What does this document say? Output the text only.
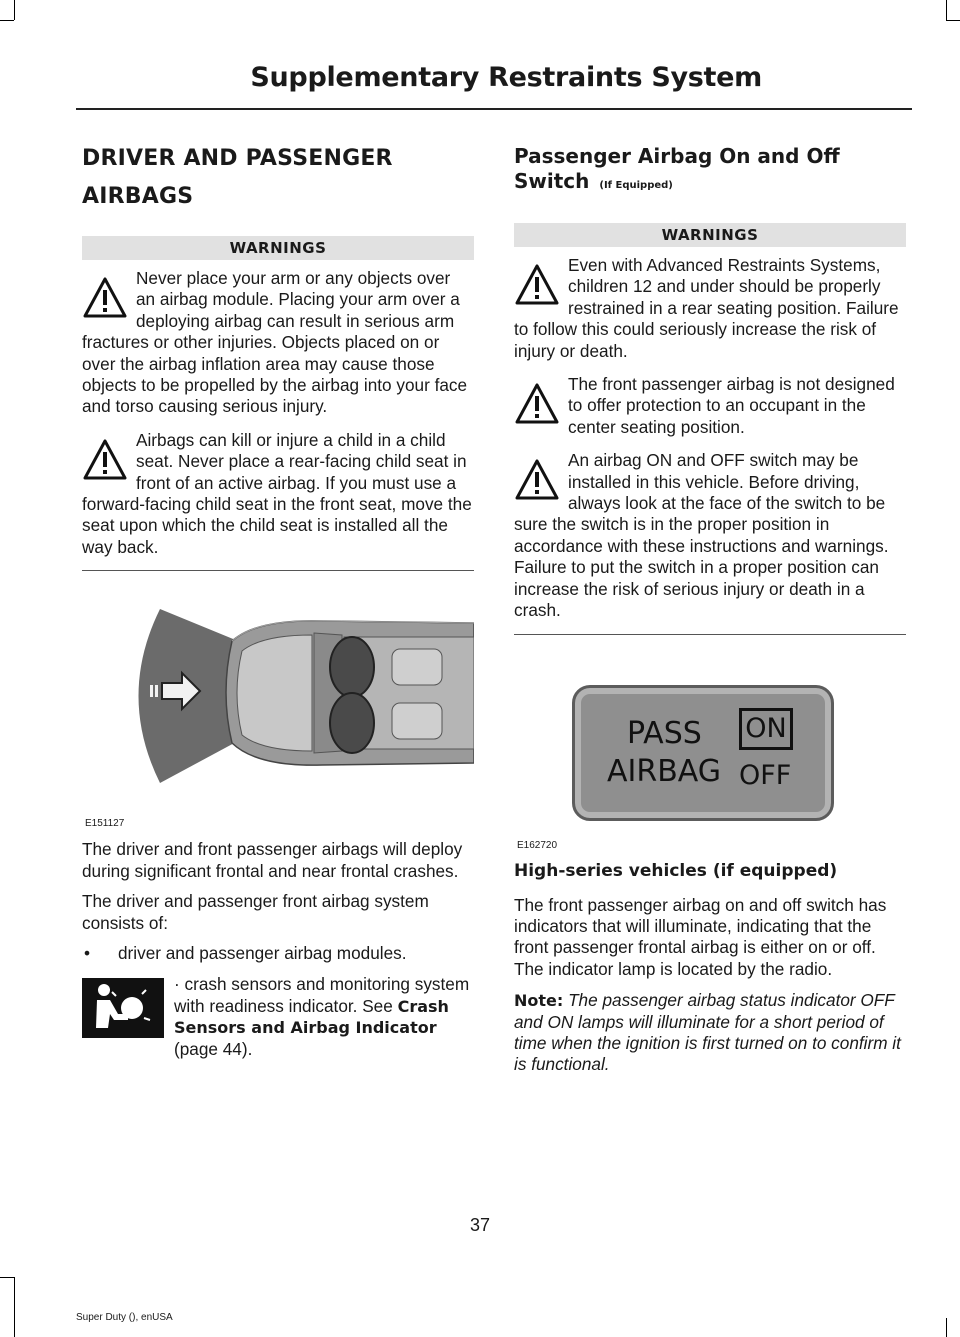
Supplementary Restraints System
DRIVER AND PASSENGER
AIRBAGS
WARNINGS
Never place your arm or any objects over an airbag module. Placing your arm over a deploying airbag can result in serious arm fractures or other injuries. Objects placed on or over the airbag inflation area may cause those objects to be propelled by the airbag into your face and torso causing serious injury.
Airbags can kill or injure a child in a child seat. Never place a rear-facing child seat in front of an active airbag. If you must use a forward-facing child seat in the front seat, move the seat upon which the child seat is installed all the way back.
E151127

The driver and front passenger airbags will deploy during significant frontal and near frontal crashes.

The driver and passenger front airbag system consists of:

•	driver and passenger airbag modules.

· crash sensors and monitoring system with readiness indicator. See Crash Sensors and Airbag Indicator (page 44).

Passenger Airbag On and Off Switch (If Equipped)
WARNINGS
Even with Advanced Restraints Systems, children 12 and under should be properly restrained in a rear seating position. Failure to follow this could seriously increase the risk of injury or death.
The front passenger airbag is not designed to offer protection to an occupant in the center seating position.
An airbag ON and OFF switch may be installed in this vehicle. Before driving, always look at the face of the switch to be sure the switch is in the proper position in accordance with these instructions and warnings. Failure to put the switch in a proper position can increase the risk of serious injury or death in a crash.
PASS
AIRBAG
ON
OFF
E162720
High-series vehicles (if equipped)

The front passenger airbag on and off switch has indicators that will illuminate, indicating that the front passenger frontal airbag is either on or off. The indicator lamp is located by the radio.

Note: The passenger airbag status indicator OFF and ON lamps will illuminate for a short period of time when the ignition is first turned on to confirm it is functional.

37
Super Duty (), enUSA
